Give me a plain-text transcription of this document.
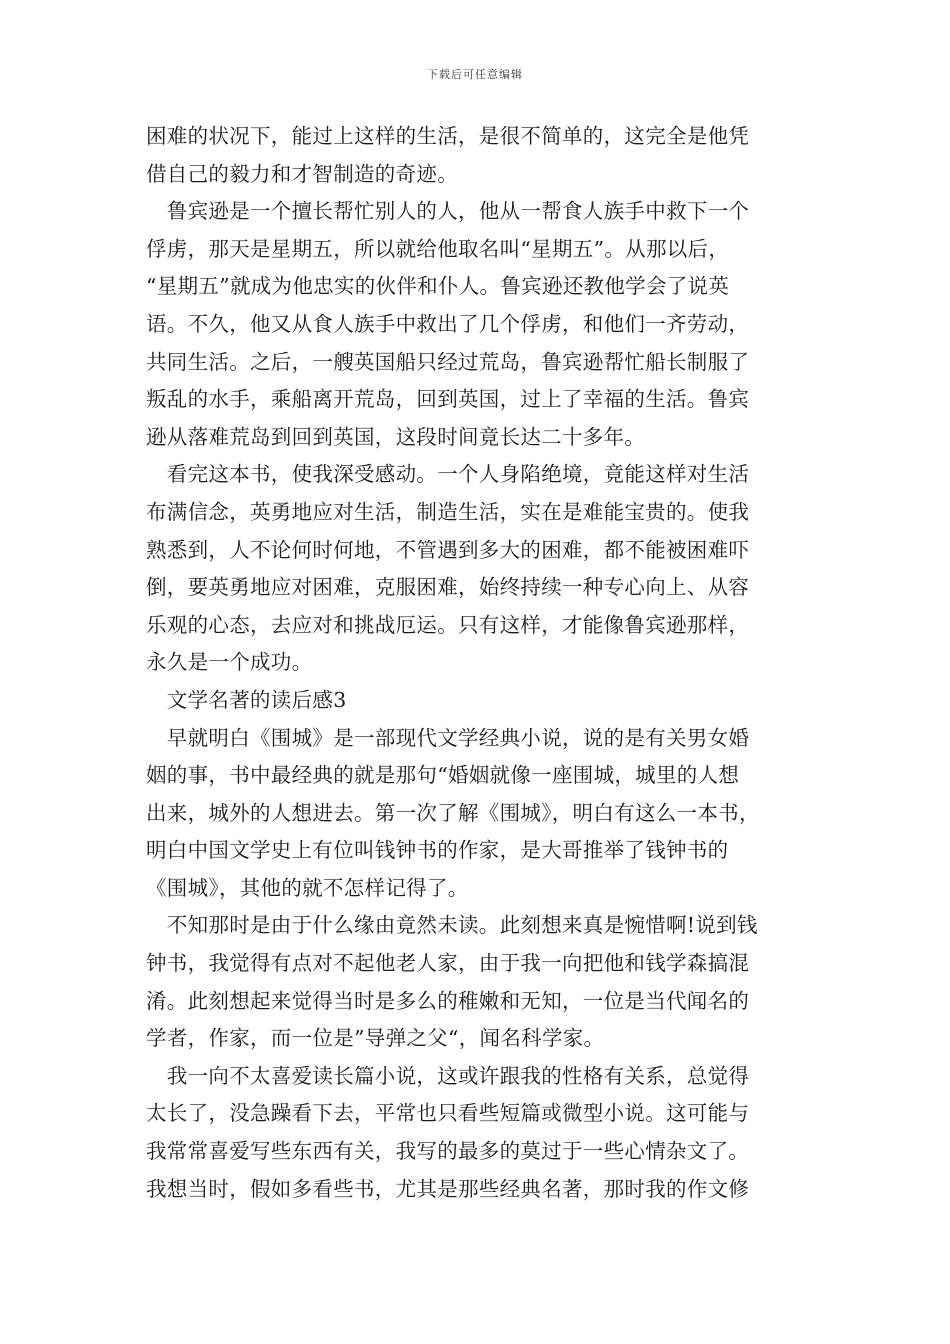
下载后可任意编辑
困难的状况下，能过上这样的生活，是很不简单的，这完全是他凭
借自己的毅力和才智制造的奇迹。
　鲁宾逊是一个擅长帮忙别人的人，他从一帮食人族手中救下一个
俘虏，那天是星期五，所以就给他取名叫“星期五”。从那以后，
“星期五”就成为他忠实的伙伴和仆人。鲁宾逊还教他学会了说英
语。不久，他又从食人族手中救出了几个俘虏，和他们一齐劳动，
共同生活。之后，一艘英国船只经过荒岛，鲁宾逊帮忙船长制服了
叛乱的水手，乘船离开荒岛，回到英国，过上了幸福的生活。鲁宾
逊从落难荒岛到回到英国，这段时间竟长达二十多年。
　看完这本书，使我深受感动。一个人身陷绝境，竟能这样对生活
布满信念，英勇地应对生活，制造生活，实在是难能宝贵的。使我
熟悉到，人不论何时何地，不管遇到多大的困难，都不能被困难吓
倒，要英勇地应对困难，克服困难，始终持续一种专心向上、从容
乐观的心态，去应对和挑战厄运。只有这样，才能像鲁宾逊那样，
永久是一个成功。
　文学名著的读后感3
　早就明白《围城》是一部现代文学经典小说，说的是有关男女婚
姻的事，书中最经典的就是那句“婚姻就像一座围城，城里的人想
出来，城外的人想进去。第一次了解《围城》，明白有这么一本书，
明白中国文学史上有位叫钱钟书的作家，是大哥推举了钱钟书的
《围城》，其他的就不怎样记得了。
　不知那时是由于什么缘由竟然未读。此刻想来真是惋惜啊!说到钱
钟书，我觉得有点对不起他老人家，由于我一向把他和钱学森搞混
淆。此刻想起来觉得当时是多么的稚嫩和无知，一位是当代闻名的
学者，作家，而一位是”导弹之父“，闻名科学家。
　我一向不太喜爱读长篇小说，这或许跟我的性格有关系，总觉得
太长了，没急躁看下去，平常也只看些短篇或微型小说。这可能与
我常常喜爱写些东西有关，我写的最多的莫过于一些心情杂文了。
我想当时，假如多看些书，尤其是那些经典名著，那时我的作文修
